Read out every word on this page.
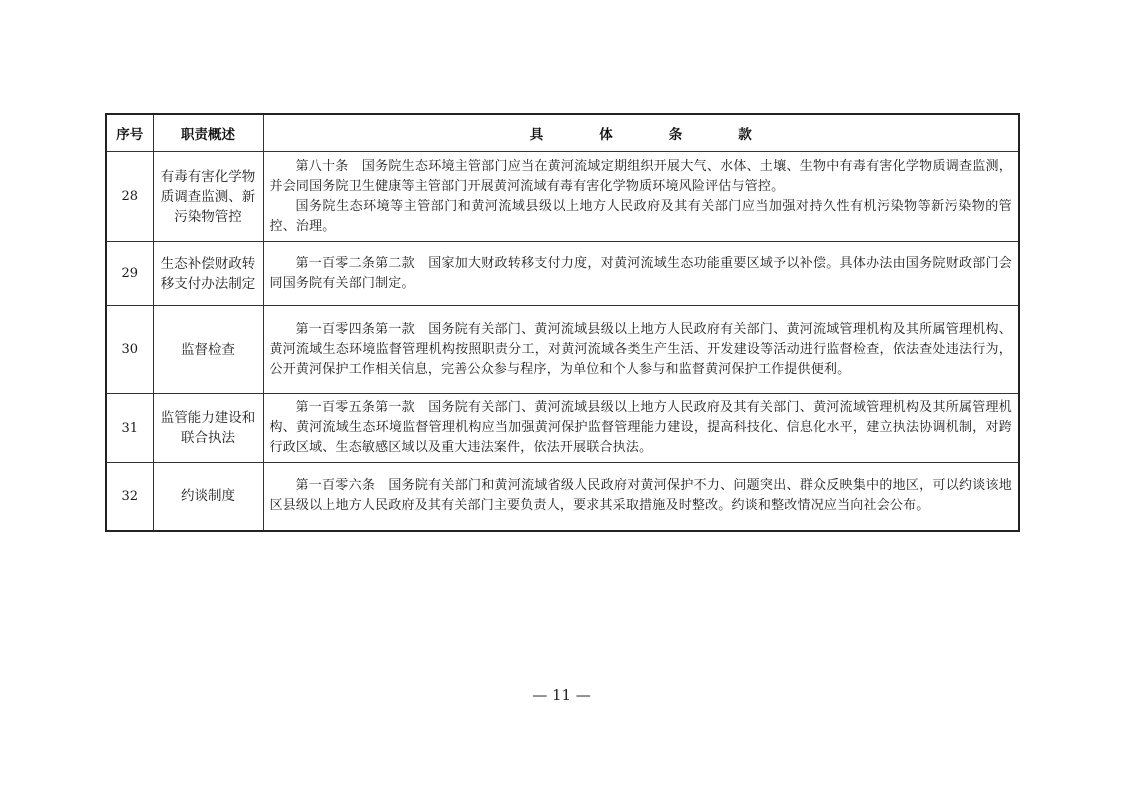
序号	职责概述	具 体 条 款
28	有毒有害化学物质调查监测、新污染物管控	第八十条　国务院生态环境主管部门应当在黄河流域定期组织开展大气、水体、土壤、生物中有毒有害化学物质调查监测，并会同国务院卫生健康等主管部门开展黄河流域有毒有害化学物质环境风险评估与管控。

国务院生态环境等主管部门和黄河流域县级以上地方人民政府及其有关部门应当加强对持久性有机污染物等新污染物的管控、治理。

29	生态补偿财政转移支付办法制定	第一百零二条第二款　国家加大财政转移支付力度，对黄河流域生态功能重要区域予以补偿。具体办法由国务院财政部门会同国务院有关部门制定。

30	监督检查	第一百零四条第一款　国务院有关部门、黄河流域县级以上地方人民政府有关部门、黄河流域管理机构及其所属管理机构、黄河流域生态环境监督管理机构按照职责分工，对黄河流域各类生产生活、开发建设等活动进行监督检查，依法查处违法行为，公开黄河保护工作相关信息，完善公众参与程序，为单位和个人参与和监督黄河保护工作提供便利。

31	监管能力建设和联合执法	第一百零五条第一款　国务院有关部门、黄河流域县级以上地方人民政府及其有关部门、黄河流域管理机构及其所属管理机构、黄河流域生态环境监督管理机构应当加强黄河保护监督管理能力建设，提高科技化、信息化水平，建立执法协调机制，对跨行政区域、生态敏感区域以及重大违法案件，依法开展联合执法。

32	约谈制度	第一百零六条　国务院有关部门和黄河流域省级人民政府对黄河保护不力、问题突出、群众反映集中的地区，可以约谈该地区县级以上地方人民政府及其有关部门主要负责人，要求其采取措施及时整改。约谈和整改情况应当向社会公布。

— 11 —
